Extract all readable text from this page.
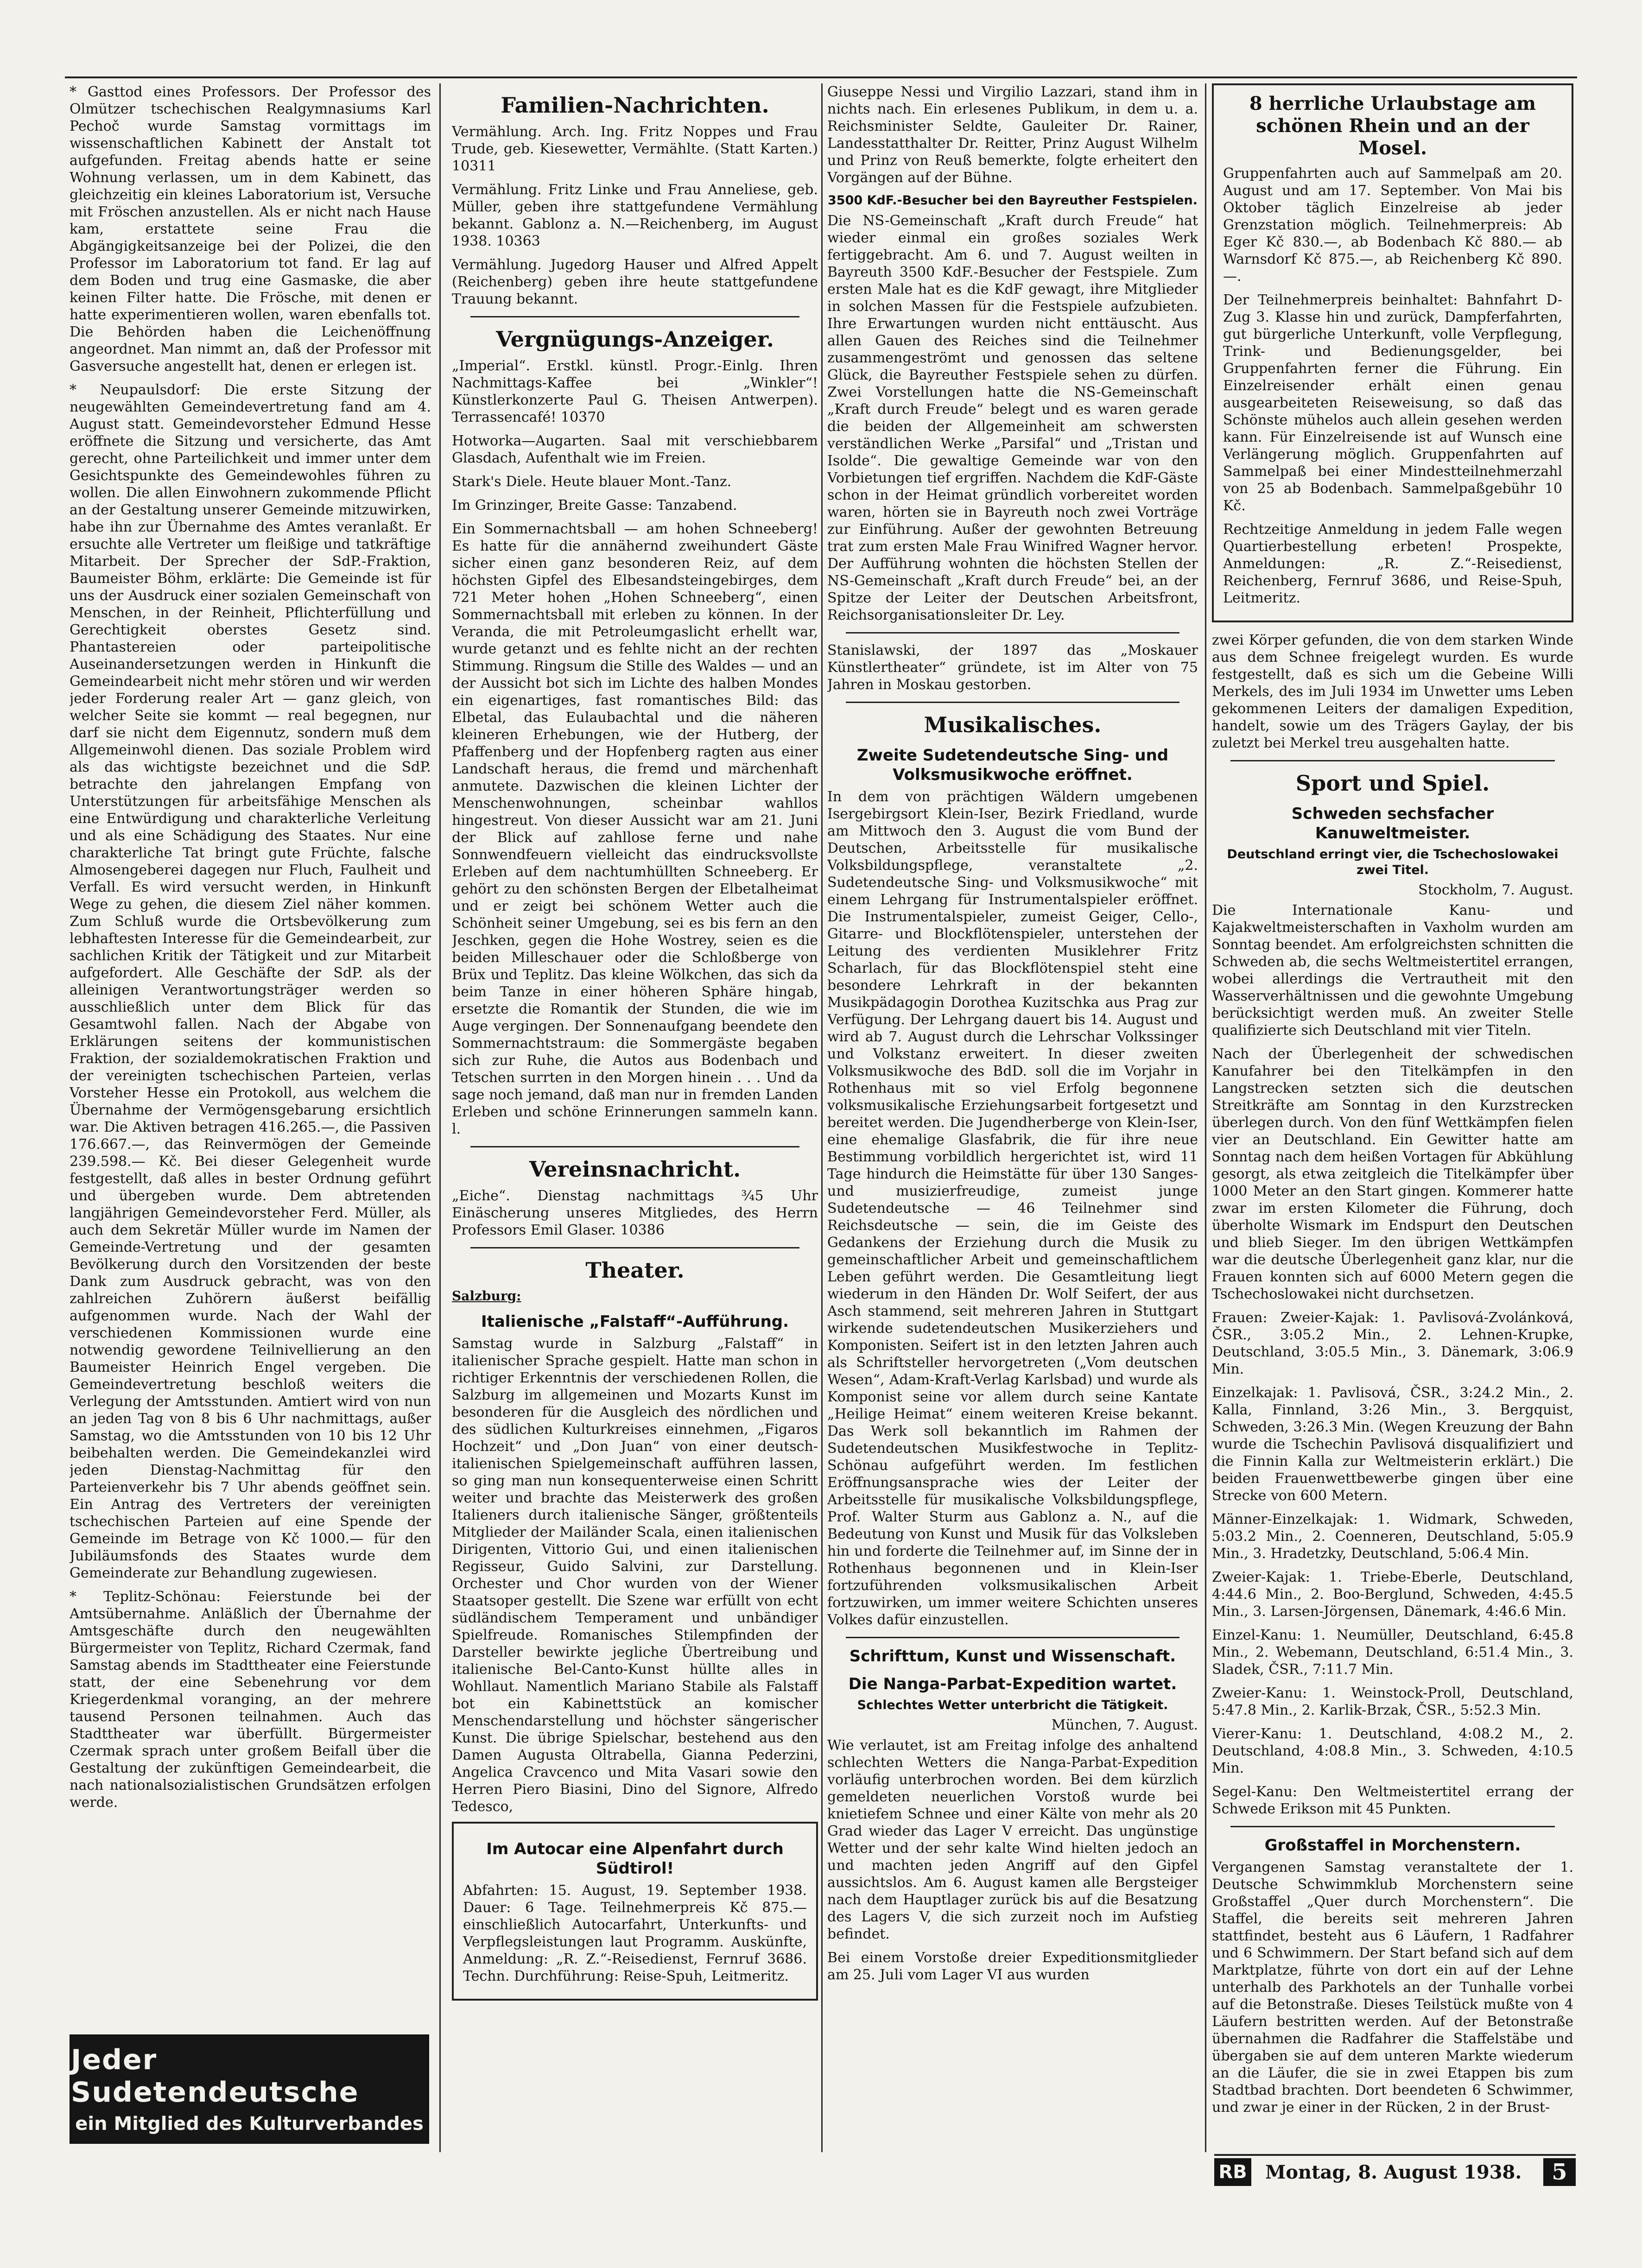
* Gasttod eines Professors. Der Professor des Olmützer tschechischen Realgymnasiums Karl Pechoč wurde Samstag vormittags im wissenschaftlichen Kabinett der Anstalt tot aufgefunden. Freitag abends hatte er seine Wohnung verlassen, um in dem Kabinett, das gleichzeitig ein kleines Laboratorium ist, Versuche mit Fröschen anzustellen. Als er nicht nach Hause kam, erstattete seine Frau die Abgängigkeitsanzeige bei der Polizei, die den Professor im Laboratorium tot fand. Er lag auf dem Boden und trug eine Gasmaske, die aber keinen Filter hatte. Die Frösche, mit denen er hatte experimentieren wollen, waren ebenfalls tot. Die Behörden haben die Leichenöffnung angeordnet. Man nimmt an, daß der Professor mit Gasversuche angestellt hat, denen er erlegen ist.

* Neupaulsdorf: Die erste Sitzung der neugewählten Gemeindevertretung fand am 4. August statt. Gemeindevorsteher Edmund Hesse eröffnete die Sitzung und versicherte, das Amt gerecht, ohne Parteilichkeit und immer unter dem Gesichtspunkte des Gemeindewohles führen zu wollen. Die allen Einwohnern zukommende Pflicht an der Gestaltung unserer Gemeinde mitzuwirken, habe ihn zur Übernahme des Amtes veranlaßt. Er ersuchte alle Vertreter um fleißige und tatkräftige Mitarbeit. Der Sprecher der SdP.-Fraktion, Baumeister Böhm, erklärte: Die Gemeinde ist für uns der Ausdruck einer sozialen Gemeinschaft von Menschen, in der Reinheit, Pflichterfüllung und Gerechtigkeit oberstes Gesetz sind. Phantastereien oder parteipolitische Auseinandersetzungen werden in Hinkunft die Gemeindearbeit nicht mehr stören und wir werden jeder Forderung realer Art — ganz gleich, von welcher Seite sie kommt — real begegnen, nur darf sie nicht dem Eigennutz, sondern muß dem Allgemeinwohl dienen. Das soziale Problem wird als das wichtigste bezeichnet und die SdP. betrachte den jahrelangen Empfang von Unterstützungen für arbeitsfähige Menschen als eine Entwürdigung und charakterliche Verleitung und als eine Schädigung des Staates. Nur eine charakterliche Tat bringt gute Früchte, falsche Almosengeberei dagegen nur Fluch, Faulheit und Verfall. Es wird versucht werden, in Hinkunft Wege zu gehen, die diesem Ziel näher kommen. Zum Schluß wurde die Ortsbevölkerung zum lebhaftesten Interesse für die Gemeindearbeit, zur sachlichen Kritik der Tätigkeit und zur Mitarbeit aufgefordert. Alle Geschäfte der SdP. als der alleinigen Verantwortungsträger werden so ausschließlich unter dem Blick für das Gesamtwohl fallen. Nach der Abgabe von Erklärungen seitens der kommunistischen Fraktion, der sozialdemokratischen Fraktion und der vereinigten tschechischen Parteien, verlas Vorsteher Hesse ein Protokoll, aus welchem die Übernahme der Vermögensgebarung ersichtlich war. Die Aktiven betragen 416.265.—, die Passiven 176.667.—, das Reinvermögen der Gemeinde 239.598.— Kč. Bei dieser Gelegenheit wurde festgestellt, daß alles in bester Ordnung geführt und übergeben wurde. Dem abtretenden langjährigen Gemeindevorsteher Ferd. Müller, als auch dem Sekretär Müller wurde im Namen der Gemeinde-Vertretung und der gesamten Bevölkerung durch den Vorsitzenden der beste Dank zum Ausdruck gebracht, was von den zahlreichen Zuhörern äußerst beifällig aufgenommen wurde. Nach der Wahl der verschiedenen Kommissionen wurde eine notwendig gewordene Teilnivellierung an den Baumeister Heinrich Engel vergeben. Die Gemeindevertretung beschloß weiters die Verlegung der Amtsstunden. Amtiert wird von nun an jeden Tag von 8 bis 6 Uhr nachmittags, außer Samstag, wo die Amtsstunden von 10 bis 12 Uhr beibehalten werden. Die Gemeindekanzlei wird jeden Dienstag-Nachmittag für den Parteienverkehr bis 7 Uhr abends geöffnet sein. Ein Antrag des Vertreters der vereinigten tschechischen Parteien auf eine Spende der Gemeinde im Betrage von Kč 1000.— für den Jubiläumsfonds des Staates wurde dem Gemeinderate zur Behandlung zugewiesen.

* Teplitz-Schönau: Feierstunde bei der Amtsübernahme. Anläßlich der Übernahme der Amtsgeschäfte durch den neugewählten Bürgermeister von Teplitz, Richard Czermak, fand Samstag abends im Stadttheater eine Feierstunde statt, der eine Sebenehrung vor dem Kriegerdenkmal voranging, an der mehrere tausend Personen teilnahmen. Auch das Stadttheater war überfüllt. Bürgermeister Czermak sprach unter großem Beifall über die Gestaltung der zukünftigen Gemeindearbeit, die nach nationalsozialistischen Grundsätzen erfolgen werde.

Jeder Sudetendeutsche
ein Mitglied des Kulturverbandes
Familien-Nachrichten.

Vermählung. Arch. Ing. Fritz Noppes und Frau Trude, geb. Kiesewetter, Vermählte. (Statt Karten.) 10311

Vermählung. Fritz Linke und Frau Anneliese, geb. Müller, geben ihre stattgefundene Vermählung bekannt. Gablonz a. N.—Reichenberg, im August 1938. 10363

Vermählung. Jugedorg Hauser und Alfred Appelt (Reichenberg) geben ihre heute stattgefundene Trauung bekannt.

Vergnügungs-Anzeiger.

„Imperial“. Erstkl. künstl. Progr.-Einlg. Ihren Nachmittags-Kaffee bei „Winkler“! Künstlerkonzerte Paul G. Theisen Antwerpen). Terrassencafé! 10370

Hotworka—Augarten. Saal mit verschiebbarem Glasdach, Aufenthalt wie im Freien.

Stark's Diele. Heute blauer Mont.-Tanz.

Im Grinzinger, Breite Gasse: Tanzabend.

Ein Sommernachtsball — am hohen Schneeberg! Es hatte für die annähernd zweihundert Gäste sicher einen ganz besonderen Reiz, auf dem höchsten Gipfel des Elbesandsteingebirges, dem 721 Meter hohen „Hohen Schneeberg“, einen Sommernachtsball mit erleben zu können. In der Veranda, die mit Petroleumgaslicht erhellt war, wurde getanzt und es fehlte nicht an der rechten Stimmung. Ringsum die Stille des Waldes — und an der Aussicht bot sich im Lichte des halben Mondes ein eigenartiges, fast romantisches Bild: das Elbetal, das Eulaubachtal und die näheren kleineren Erhebungen, wie der Hutberg, der Pfaffenberg und der Hopfenberg ragten aus einer Landschaft heraus, die fremd und märchenhaft anmutete. Dazwischen die kleinen Lichter der Menschenwohnungen, scheinbar wahllos hingestreut. Von dieser Aussicht war am 21. Juni der Blick auf zahllose ferne und nahe Sonnwendfeuern vielleicht das eindrucksvollste Erleben auf dem nachtumhüllten Schneeberg. Er gehört zu den schönsten Bergen der Elbetalheimat und er zeigt bei schönem Wetter auch die Schönheit seiner Umgebung, sei es bis fern an den Jeschken, gegen die Hohe Wostrey, seien es die beiden Milleschauer oder die Schloßberge von Brüx und Teplitz. Das kleine Wölkchen, das sich da beim Tanze in einer höheren Sphäre hingab, ersetzte die Romantik der Stunden, die wie im Auge vergingen. Der Sonnenaufgang beendete den Sommernachtstraum: die Sommergäste begaben sich zur Ruhe, die Autos aus Bodenbach und Tetschen surrten in den Morgen hinein . . . Und da sage noch jemand, daß man nur in fremden Landen Erleben und schöne Erinnerungen sammeln kann. l.

Vereinsnachricht.

„Eiche“. Dienstag nachmittags ¾5 Uhr Einäscherung unseres Mitgliedes, des Herrn Professors Emil Glaser. 10386

Theater.
Salzburg:
Italienische „Falstaff“-Aufführung.

Samstag wurde in Salzburg „Falstaff“ in italienischer Sprache gespielt. Hatte man schon in richtiger Erkenntnis der verschiedenen Rollen, die Salzburg im allgemeinen und Mozarts Kunst im besonderen für die Ausgleich des nördlichen und des südlichen Kulturkreises einnehmen, „Figaros Hochzeit“ und „Don Juan“ von einer deutsch-italienischen Spielgemeinschaft aufführen lassen, so ging man nun konsequenterweise einen Schritt weiter und brachte das Meisterwerk des großen Italieners durch italienische Sänger, größtenteils Mitglieder der Mailänder Scala, einen italienischen Dirigenten, Vittorio Gui, und einen italienischen Regisseur, Guido Salvini, zur Darstellung. Orchester und Chor wurden von der Wiener Staatsoper gestellt. Die Szene war erfüllt von echt südländischem Temperament und unbändiger Spielfreude. Romanisches Stilempfinden der Darsteller bewirkte jegliche Übertreibung und italienische Bel-Canto-Kunst hüllte alles in Wohllaut. Namentlich Mariano Stabile als Falstaff bot ein Kabinettstück an komischer Menschendarstellung und höchster sängerischer Kunst. Die übrige Spielschar, bestehend aus den Damen Augusta Oltrabella, Gianna Pederzini, Angelica Cravcenco und Mita Vasari sowie den Herren Piero Biasini, Dino del Signore, Alfredo Tedesco,

Im Autocar eine Alpenfahrt durch Südtirol!

Abfahrten: 15. August, 19. September 1938. Dauer: 6 Tage. Teilnehmerpreis Kč 875.— einschließlich Autocarfahrt, Unterkunfts- und Verpflegsleistungen laut Programm. Auskünfte, Anmeldung: „R. Z.“-Reisedienst, Fernruf 3686. Techn. Durchführung: Reise-Spuh, Leitmeritz.

Giuseppe Nessi und Virgilio Lazzari, stand ihm in nichts nach. Ein erlesenes Publikum, in dem u. a. Reichsminister Seldte, Gauleiter Dr. Rainer, Landesstatthalter Dr. Reitter, Prinz August Wilhelm und Prinz von Reuß bemerkte, folgte erheitert den Vorgängen auf der Bühne.

3500 KdF.-Besucher bei den Bayreuther Festspielen.

Die NS-Gemeinschaft „Kraft durch Freude“ hat wieder einmal ein großes soziales Werk fertiggebracht. Am 6. und 7. August weilten in Bayreuth 3500 KdF.-Besucher der Festspiele. Zum ersten Male hat es die KdF gewagt, ihre Mitglieder in solchen Massen für die Festspiele aufzubieten. Ihre Erwartungen wurden nicht enttäuscht. Aus allen Gauen des Reiches sind die Teilnehmer zusammengeströmt und genossen das seltene Glück, die Bayreuther Festspiele sehen zu dürfen. Zwei Vorstellungen hatte die NS-Gemeinschaft „Kraft durch Freude“ belegt und es waren gerade die beiden der Allgemeinheit am schwersten verständlichen Werke „Parsifal“ und „Tristan und Isolde“. Die gewaltige Gemeinde war von den Vorbietungen tief ergriffen. Nachdem die KdF-Gäste schon in der Heimat gründlich vorbereitet worden waren, hörten sie in Bayreuth noch zwei Vorträge zur Einführung. Außer der gewohnten Betreuung trat zum ersten Male Frau Winifred Wagner hervor. Der Aufführung wohnten die höchsten Stellen der NS-Gemeinschaft „Kraft durch Freude“ bei, an der Spitze der Leiter der Deutschen Arbeitsfront, Reichsorganisationsleiter Dr. Ley.

Stanislawski, der 1897 das „Moskauer Künstlertheater“ gründete, ist im Alter von 75 Jahren in Moskau gestorben.

Musikalisches.
Zweite Sudetendeutsche Sing- und Volksmusikwoche eröffnet.

In dem von prächtigen Wäldern umgebenen Isergebirgsort Klein-Iser, Bezirk Friedland, wurde am Mittwoch den 3. August die vom Bund der Deutschen, Arbeitsstelle für musikalische Volksbildungspflege, veranstaltete „2. Sudetendeutsche Sing- und Volksmusikwoche“ mit einem Lehrgang für Instrumentalspieler eröffnet. Die Instrumentalspieler, zumeist Geiger, Cello-, Gitarre- und Blockflötenspieler, unterstehen der Leitung des verdienten Musiklehrer Fritz Scharlach, für das Blockflötenspiel steht eine besondere Lehrkraft in der bekannten Musikpädagogin Dorothea Kuzitschka aus Prag zur Verfügung. Der Lehrgang dauert bis 14. August und wird ab 7. August durch die Lehrschar Volkssinger und Volkstanz erweitert. In dieser zweiten Volksmusikwoche des BdD. soll die im Vorjahr in Rothenhaus mit so viel Erfolg begonnene volksmusikalische Erziehungsarbeit fortgesetzt und bereitet werden. Die Jugendherberge von Klein-Iser, eine ehemalige Glasfabrik, die für ihre neue Bestimmung vorbildlich hergerichtet ist, wird 11 Tage hindurch die Heimstätte für über 130 Sanges- und musizierfreudige, zumeist junge Sudetendeutsche — 46 Teilnehmer sind Reichsdeutsche — sein, die im Geiste des Gedankens der Erziehung durch die Musik zu gemeinschaftlicher Arbeit und gemeinschaftlichem Leben geführt werden. Die Gesamtleitung liegt wiederum in den Händen Dr. Wolf Seifert, der aus Asch stammend, seit mehreren Jahren in Stuttgart wirkende sudetendeutschen Musikerziehers und Komponisten. Seifert ist in den letzten Jahren auch als Schriftsteller hervorgetreten („Vom deutschen Wesen“, Adam-Kraft-Verlag Karlsbad) und wurde als Komponist seine vor allem durch seine Kantate „Heilige Heimat“ einem weiteren Kreise bekannt. Das Werk soll bekanntlich im Rahmen der Sudetendeutschen Musikfestwoche in Teplitz-Schönau aufgeführt werden. Im festlichen Eröffnungsansprache wies der Leiter der Arbeitsstelle für musikalische Volksbildungspflege, Prof. Walter Sturm aus Gablonz a. N., auf die Bedeutung von Kunst und Musik für das Volksleben hin und forderte die Teilnehmer auf, im Sinne der in Rothenhaus begonnenen und in Klein-Iser fortzuführenden volksmusikalischen Arbeit fortzuwirken, um immer weitere Schichten unseres Volkes dafür einzustellen.

Schrifttum, Kunst und Wissenschaft.
Die Nanga-Parbat-Expedition wartet.
Schlechtes Wetter unterbricht die Tätigkeit.
München, 7. August.

Wie verlautet, ist am Freitag infolge des anhaltend schlechten Wetters die Nanga-Parbat-Expedition vorläufig unterbrochen worden. Bei dem kürzlich gemeldeten neuerlichen Vorstoß wurde bei knietiefem Schnee und einer Kälte von mehr als 20 Grad wieder das Lager V erreicht. Das ungünstige Wetter und der sehr kalte Wind hielten jedoch an und machten jeden Angriff auf den Gipfel aussichtslos. Am 6. August kamen alle Bergsteiger nach dem Hauptlager zurück bis auf die Besatzung des Lagers V, die sich zurzeit noch im Aufstieg befindet.

Bei einem Vorstoße dreier Expeditionsmitglieder am 25. Juli vom Lager VI aus wurden

8 herrliche Urlaubstage am schönen Rhein und an der Mosel.

Gruppenfahrten auch auf Sammelpaß am 20. August und am 17. September. Von Mai bis Oktober täglich Einzelreise ab jeder Grenzstation möglich. Teilnehmerpreis: Ab Eger Kč 830.—, ab Bodenbach Kč 880.— ab Warnsdorf Kč 875.—, ab Reichenberg Kč 890.—.

Der Teilnehmerpreis beinhaltet: Bahnfahrt D-Zug 3. Klasse hin und zurück, Dampferfahrten, gut bürgerliche Unterkunft, volle Verpflegung, Trink- und Bedienungsgelder, bei Gruppenfahrten ferner die Führung. Ein Einzelreisender erhält einen genau ausgearbeiteten Reiseweisung, so daß das Schönste mühelos auch allein gesehen werden kann. Für Einzelreisende ist auf Wunsch eine Verlängerung möglich. Gruppenfahrten auf Sammelpaß bei einer Mindestteilnehmerzahl von 25 ab Bodenbach. Sammelpaßgebühr 10 Kč.

Rechtzeitige Anmeldung in jedem Falle wegen Quartierbestellung erbeten! Prospekte, Anmeldungen: „R. Z.“-Reisedienst, Reichenberg, Fernruf 3686, und Reise-Spuh, Leitmeritz.

zwei Körper gefunden, die von dem starken Winde aus dem Schnee freigelegt wurden. Es wurde festgestellt, daß es sich um die Gebeine Willi Merkels, des im Juli 1934 im Unwetter ums Leben gekommenen Leiters der damaligen Expedition, handelt, sowie um des Trägers Gaylay, der bis zuletzt bei Merkel treu ausgehalten hatte.

Sport und Spiel.
Schweden sechsfacher Kanuweltmeister.
Deutschland erringt vier, die Tschechoslowakei zwei Titel.
Stockholm, 7. August.

Die Internationale Kanu- und Kajakweltmeisterschaften in Vaxholm wurden am Sonntag beendet. Am erfolgreichsten schnitten die Schweden ab, die sechs Weltmeistertitel errangen, wobei allerdings die Vertrautheit mit den Wasserverhältnissen und die gewohnte Umgebung berücksichtigt werden muß. An zweiter Stelle qualifizierte sich Deutschland mit vier Titeln.

Nach der Überlegenheit der schwedischen Kanufahrer bei den Titelkämpfen in den Langstrecken setzten sich die deutschen Streitkräfte am Sonntag in den Kurzstrecken überlegen durch. Von den fünf Wettkämpfen fielen vier an Deutschland. Ein Gewitter hatte am Sonntag nach dem heißen Vortagen für Abkühlung gesorgt, als etwa zeitgleich die Titelkämpfer über 1000 Meter an den Start gingen. Kommerer hatte zwar im ersten Kilometer die Führung, doch überholte Wismark im Endspurt den Deutschen und blieb Sieger. Im den übrigen Wettkämpfen war die deutsche Überlegenheit ganz klar, nur die Frauen konnten sich auf 6000 Metern gegen die Tschechoslowakei nicht durchsetzen.

Frauen: Zweier-Kajak: 1. Pavlisová-Zvolánková, ČSR., 3:05.2 Min., 2. Lehnen-Krupke, Deutschland, 3:05.5 Min., 3. Dänemark, 3:06.9 Min.

Einzelkajak: 1. Pavlisová, ČSR., 3:24.2 Min., 2. Kalla, Finnland, 3:26 Min., 3. Bergquist, Schweden, 3:26.3 Min. (Wegen Kreuzung der Bahn wurde die Tschechin Pavlisová disqualifiziert und die Finnin Kalla zur Weltmeisterin erklärt.) Die beiden Frauenwettbewerbe gingen über eine Strecke von 600 Metern.

Männer-Einzelkajak: 1. Widmark, Schweden, 5:03.2 Min., 2. Coenneren, Deutschland, 5:05.9 Min., 3. Hradetzky, Deutschland, 5:06.4 Min.

Zweier-Kajak: 1. Triebe-Eberle, Deutschland, 4:44.6 Min., 2. Boo-Berglund, Schweden, 4:45.5 Min., 3. Larsen-Jörgensen, Dänemark, 4:46.6 Min.

Einzel-Kanu: 1. Neumüller, Deutschland, 6:45.8 Min., 2. Webemann, Deutschland, 6:51.4 Min., 3. Sladek, ČSR., 7:11.7 Min.

Zweier-Kanu: 1. Weinstock-Proll, Deutschland, 5:47.8 Min., 2. Karlik-Brzak, ČSR., 5:52.3 Min.

Vierer-Kanu: 1. Deutschland, 4:08.2 M., 2. Deutschland, 4:08.8 Min., 3. Schweden, 4:10.5 Min.

Segel-Kanu: Den Weltmeistertitel errang der Schwede Erikson mit 45 Punkten.

Großstaffel in Morchenstern.

Vergangenen Samstag veranstaltete der 1. Deutsche Schwimmklub Morchenstern seine Großstaffel „Quer durch Morchenstern“. Die Staffel, die bereits seit mehreren Jahren stattfindet, besteht aus 6 Läufern, 1 Radfahrer und 6 Schwimmern. Der Start befand sich auf dem Marktplatze, führte von dort ein auf der Lehne unterhalb des Parkhotels an der Tunhalle vorbei auf die Betonstraße. Dieses Teilstück mußte von 4 Läufern bestritten werden. Auf der Betonstraße übernahmen die Radfahrer die Staffelstäbe und übergaben sie auf dem unteren Markte wiederum an die Läufer, die sie in zwei Etappen bis zum Stadtbad brachten. Dort beendeten 6 Schwimmer, und zwar je einer in der Rücken, 2 in der Brust-

RB Montag, 8. August 1938.	5
